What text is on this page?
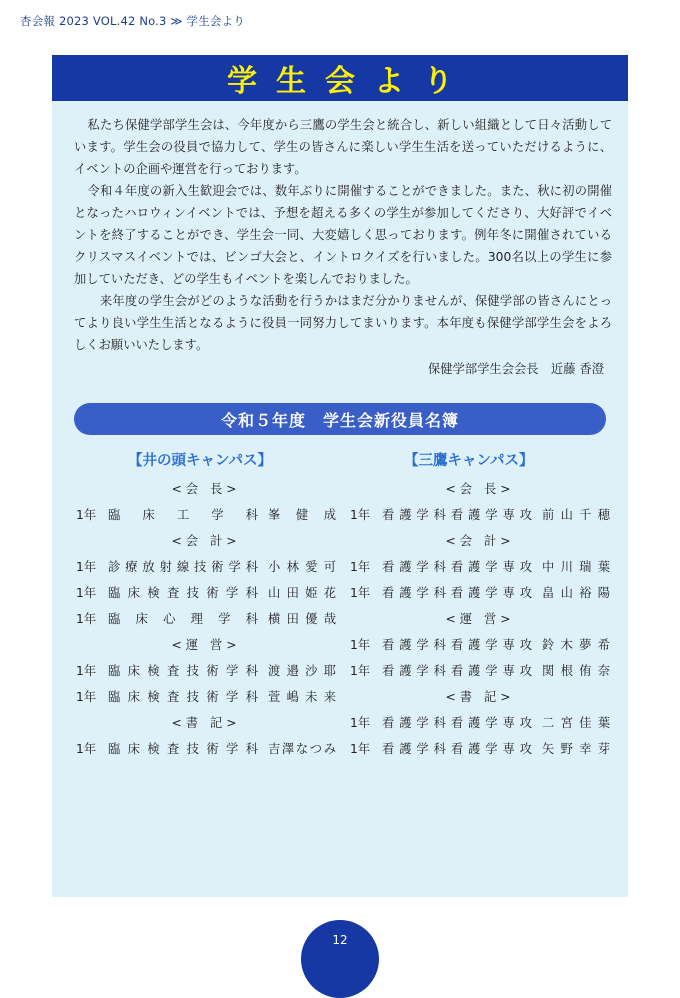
杏会報 2023 VOL.42 No.3 ≫ 学生会より
学生会より

私たち保健学部学生会は、今年度から三鷹の学生会と統合し、新しい組織として日々活動しています。学生会の役員で協力して、学生の皆さんに楽しい学生生活を送っていただけるように、イベントの企画や運営を行っております。

令和４年度の新入生歓迎会では、数年ぶりに開催することができました。また、秋に初の開催となったハロウィンイベントでは、予想を超える多くの学生が参加してくださり、大好評でイベントを終了することができ、学生会一同、大変嬉しく思っております。例年冬に開催されているクリスマスイベントでは、ビンゴ大会と、イントロクイズを行いました。300名以上の学生に参加していただき、どの学生もイベントを楽しんでおりました。

来年度の学生会がどのような活動を行うかはまだ分かりませんが、保健学部の皆さんにとってより良い学生生活となるように役員一同努力してまいります。本年度も保健学部学生会をよろしくお願いいたします。

保健学部学生会会長　近藤 香澄
令和５年度　学生会新役員名簿
【井の頭キャンパス】	【三鷹キャンパス】
<会 長>
1年 臨床工学科 峯健成
<会 計>
1年 診療放射線技術学科 小林愛可
1年 臨床検査技術学科 山田姫花
1年 臨床心理学科 横田優哉
<運 営>
1年 臨床検査技術学科 渡邉沙耶
1年 臨床検査技術学科 萱嶋未来
<書 記>
1年 臨床検査技術学科 吉澤なつみ
<会 長>
1年 看護学科看護学専攻 前山千穂
<会 計>
1年 看護学科看護学専攻 中川瑞葉
1年 看護学科看護学専攻 畠山裕陽
<運 営>
1年 看護学科看護学専攻 鈴木夢希
1年 看護学科看護学専攻 関根侑奈
<書 記>
1年 看護学科看護学専攻 二宮佳葉
1年 看護学科看護学専攻 矢野幸芽
12
